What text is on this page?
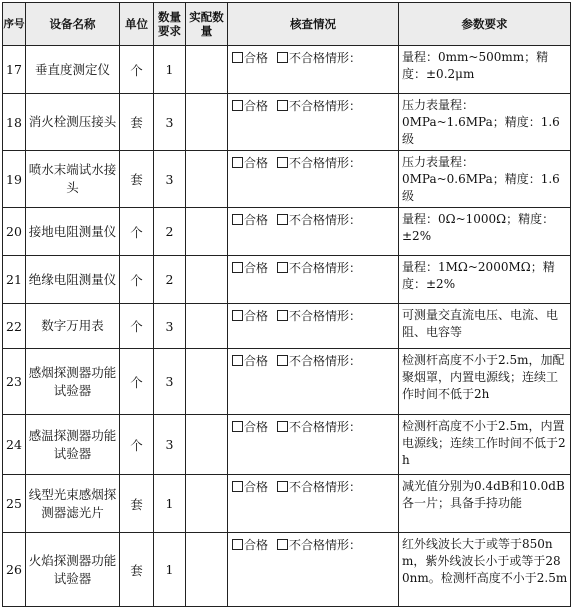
序号	设备名称	单位	数量要求	实配数量	核查情况	参数要求
17	垂直度测定仪	个	1		合格 不合格情形：	量程：0mm~500mm；精度：±0.2μm

18	消火栓测压接头	套	3		合格 不合格情形：	压力表量程：
0MPa~1.6MPa；精度：1.6级

19	喷水末端试水接头	套	3		合格 不合格情形：	压力表量程：
0MPa~0.6MPa；精度：1.6级

20	接地电阻测量仪	个	2		合格 不合格情形：	量程：0Ω~1000Ω；精度：±2%

21	绝缘电阻测量仪	个	2		合格 不合格情形：	量程：1MΩ~2000MΩ；精度：±2%

22	数字万用表	个	3		合格 不合格情形：	可测量交直流电压、电流、电阻、电容等

23	感烟探测器功能试验器	个	3		合格 不合格情形：	检测杆高度不小于2.5m，加配聚烟罩，内置电源线；连续工作时间不低于2h

24	感温探测器功能试验器	个	3		合格 不合格情形：	检测杆高度不小于2.5m，内置电源线；连续工作时间不低于2h

25	线型光束感烟探测器滤光片	套	1		合格 不合格情形：	减光值分别为0.4dB和10.0dB各一片；具备手持功能

26	火焰探测器功能试验器	套	1		合格 不合格情形：	红外线波长大于或等于850nm，紫外线波长小于或等于280nm。检测杆高度不小于2.5m
